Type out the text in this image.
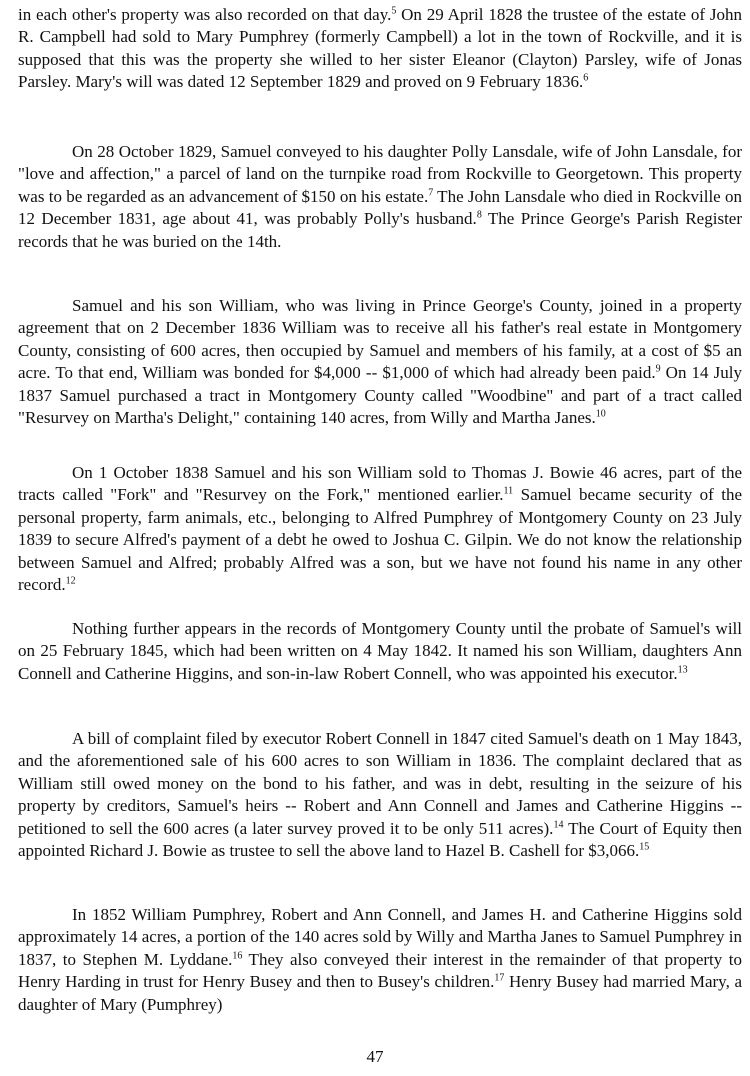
in each other's property was also recorded on that day.$^5$ On 29 April 1828 the trustee of the estate of John R. Campbell had sold to Mary Pumphrey (formerly Campbell) a lot in the town of Rockville, and it is supposed that this was the property she willed to her sister Eleanor (Clayton) Parsley, wife of Jonas Parsley. Mary's will was dated 12 September 1829 and proved on 9 February 1836.$^6$

On 28 October 1829, Samuel conveyed to his daughter Polly Lansdale, wife of John Lansdale, for "love and affection," a parcel of land on the turnpike road from Rockville to Georgetown. This property was to be regarded as an advancement of $150 on his estate.$^7$ The John Lansdale who died in Rockville on 12 December 1831, age about 41, was probably Polly's husband.$^8$ The Prince George's Parish Register records that he was buried on the 14th.

Samuel and his son William, who was living in Prince George's County, joined in a property agreement that on 2 December 1836 William was to receive all his father's real estate in Montgomery County, consisting of 600 acres, then occupied by Samuel and members of his family, at a cost of $5 an acre. To that end, William was bonded for $4,000 -- $1,000 of which had already been paid.$^9$ On 14 July 1837 Samuel purchased a tract in Montgomery County called "Woodbine" and part of a tract called "Resurvey on Martha's Delight," containing 140 acres, from Willy and Martha Janes.$^{10}$

On 1 October 1838 Samuel and his son William sold to Thomas J. Bowie 46 acres, part of the tracts called "Fork" and "Resurvey on the Fork," mentioned earlier.$^{11}$ Samuel became security of the personal property, farm animals, etc., belonging to Alfred Pumphrey of Montgomery County on 23 July 1839 to secure Alfred's payment of a debt he owed to Joshua C. Gilpin. We do not know the relationship between Samuel and Alfred; probably Alfred was a son, but we have not found his name in any other record.$^{12}$

Nothing further appears in the records of Montgomery County until the probate of Samuel's will on 25 February 1845, which had been written on 4 May 1842. It named his son William, daughters Ann Connell and Catherine Higgins, and son-in-law Robert Connell, who was appointed his executor.$^{13}$

A bill of complaint filed by executor Robert Connell in 1847 cited Samuel's death on 1 May 1843, and the aforementioned sale of his 600 acres to son William in 1836. The complaint declared that as William still owed money on the bond to his father, and was in debt, resulting in the seizure of his property by creditors, Samuel's heirs -- Robert and Ann Connell and James and Catherine Higgins -- petitioned to sell the 600 acres (a later survey proved it to be only 511 acres).$^{14}$ The Court of Equity then appointed Richard J. Bowie as trustee to sell the above land to Hazel B. Cashell for $3,066.15

In 1852 William Pumphrey, Robert and Ann Connell, and James H. and Catherine Higgins sold approximately 14 acres, a portion of the 140 acres sold by Willy and Martha Janes to Samuel Pumphrey in 1837, to Stephen M. Lyddane.$^{16}$ They also conveyed their interest in the remainder of that property to Henry Harding in trust for Henry Busey and then to Busey's children.$^{17}$ Henry Busey had married Mary, a daughter of Mary (Pumphrey)

47
